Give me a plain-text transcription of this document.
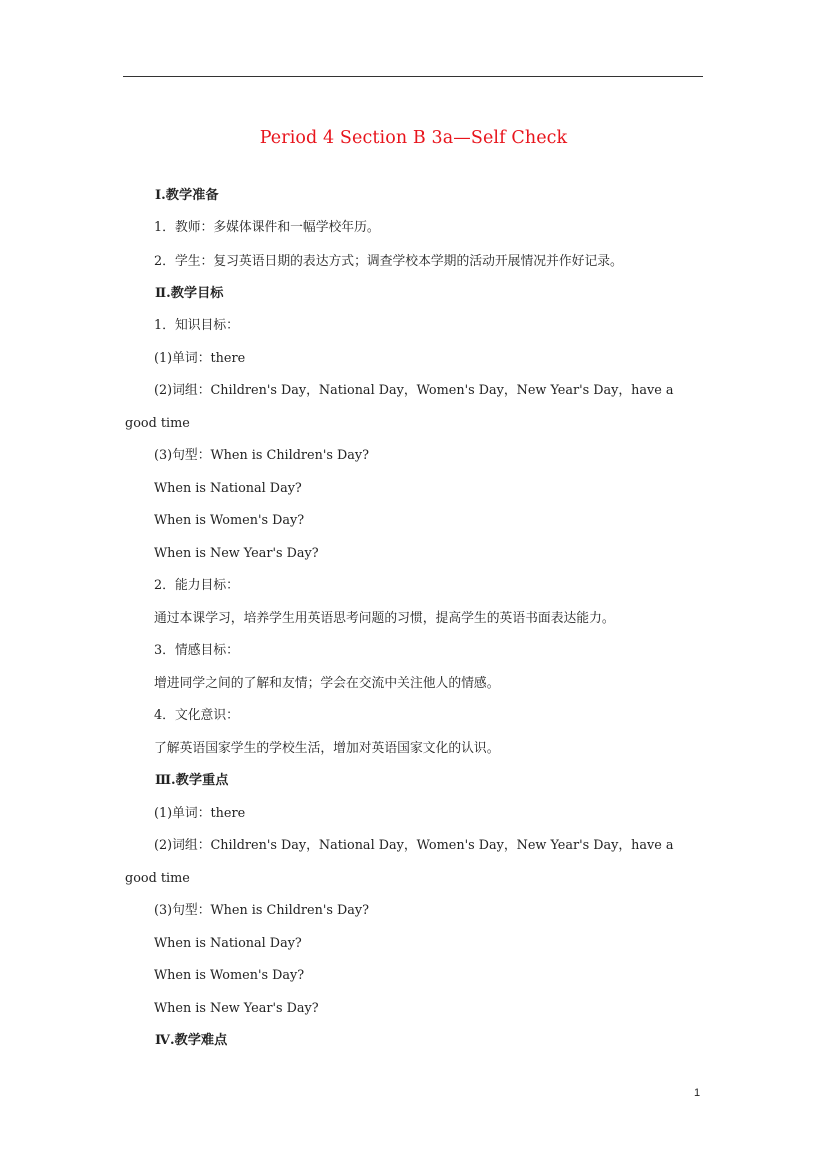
Period 4 Section B 3a—Self Check
Ⅰ.教学准备
1．教师：多媒体课件和一幅学校年历。
2．学生：复习英语日期的表达方式；调查学校本学期的活动开展情况并作好记录。
Ⅱ.教学目标
1．知识目标：
(1)单词：there
(2)词组：Children's Day，National Day，Women's Day，New Year's Day，have a
good time
(3)句型：When is Children's Day?
When is National Day?
When is Women's Day?
When is New Year's Day?
2．能力目标：
通过本课学习，培养学生用英语思考问题的习惯，提高学生的英语书面表达能力。
3．情感目标：
增进同学之间的了解和友情；学会在交流中关注他人的情感。
4．文化意识：
了解英语国家学生的学校生活，增加对英语国家文化的认识。
Ⅲ.教学重点
(1)单词：there
(2)词组：Children's Day，National Day，Women's Day，New Year's Day，have a
good time
(3)句型：When is Children's Day?
When is National Day?
When is Women's Day?
When is New Year's Day?
Ⅳ.教学难点
1
